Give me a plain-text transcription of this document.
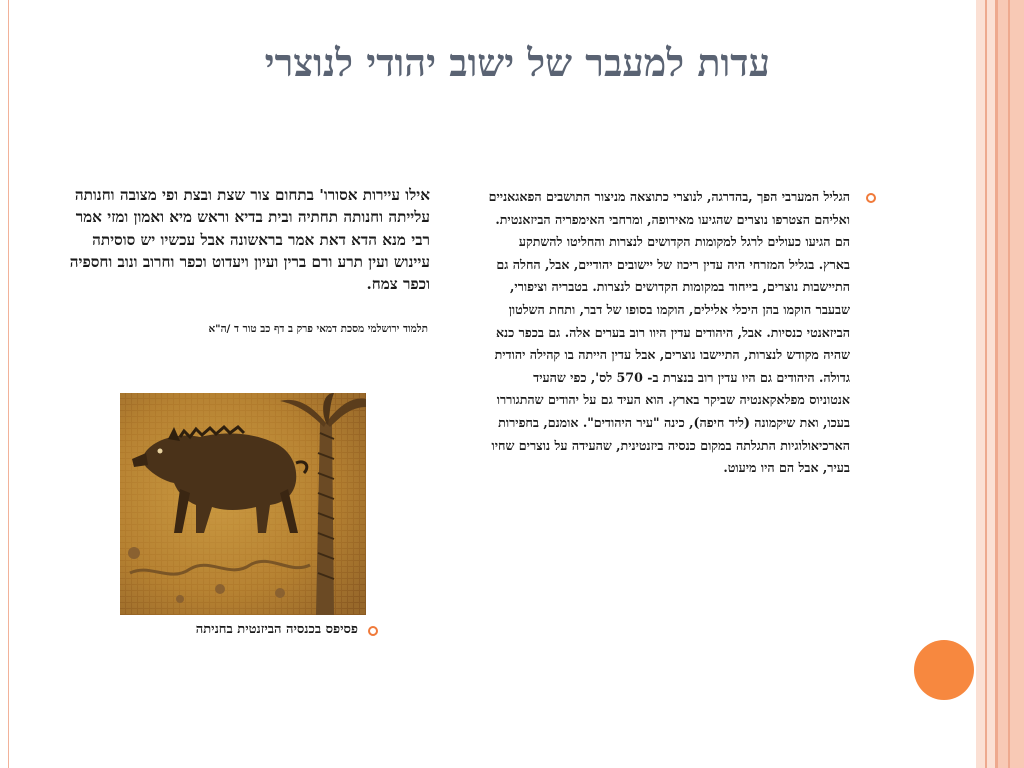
עדות למעבר של ישוב יהודי לנוצרי
הגליל המערבי הפך ,בהדרגה, לנוצרי כתוצאה מניצור התושבים הפאגאניים ואליהם הצטרפו נוצרים שהגיעו מאירופה, ומרחבי האימפריה הביזאנטית. הם הגיעו כעולים לרגל למקומות הקדושים לנצרות והחליטו להשתקע בארץ. בגליל המזרחי היה עדין ריכוז של יישובים יהודיים, אבל, החלה גם התיישבות נוצרים, בייחוד במקומות הקדושים לנצרות. בטבריה וציפורי, שבעבר הוקמו בהן היכלי אלילים, הוקמו בסופו של דבר, ותחת השלטון הביזאנטי כנסיות. אבל, היהודים עדין היוו רוב בערים אלה. גם בכפר כנא שהיה מקודש לנצרות, התיישבו נוצרים, אבל עדין הייתה בו קהילה יהודית גדולה. היהודים גם היו עדין רוב בנצרת ב- 570 לס', כפי שהעיד אנטוניוס מפלאקאנטיה שביקר בארץ. הוא העיד גם על יהודים שהתגוררו בעכו, ואת שיקמונה (ליד חיפה), כינה "עיר היהודים". אומנם, בחפירות הארכיאולוגיות התגלתה במקום כנסיה ביזנטינית, שהעידה על נוצרים שחיו בעיר, אבל הם היו מיעוט.
אילו עיירות אסורו' בתחום צור שצת ובצת ופי מצובה וחנותה עלייתה וחנותה תחתיה ובית בדיא וראש מיא ואמון ומזי אמר רבי מנא הדא דאת אמר בראשונה אבל עכשיו יש סוסיתה עיינוש ועין תרע ורם ברין ועיון ויעדוט וכפר וחרוב ונוב וחספיה וכפר צמח.
תלמוד ירושלמי מסכת דמאי פרק ב דף כב טור ד /ה"א
פסיפס בכנסיה הביזנטית בחניתה
